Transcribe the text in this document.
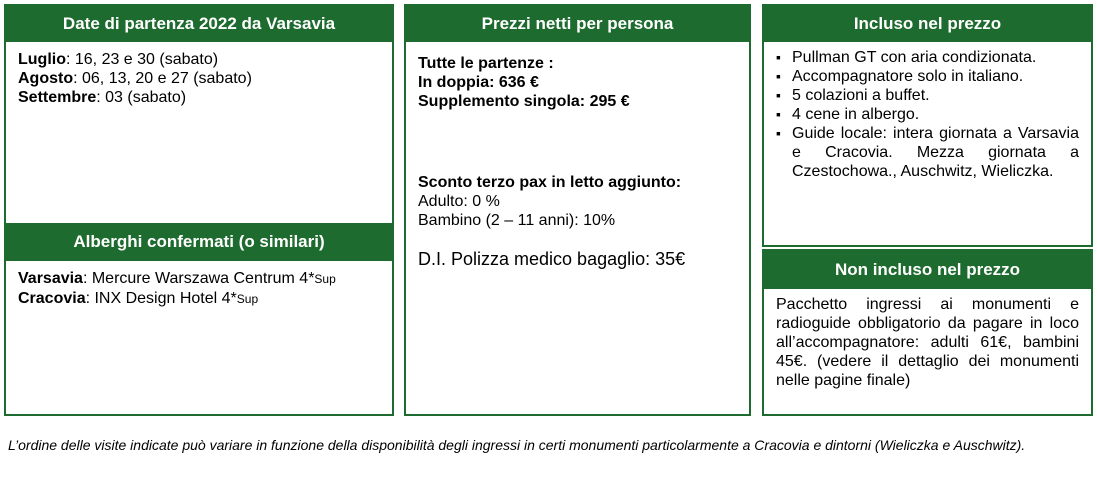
Date di partenza 2022 da Varsavia
Luglio: 16, 23 e 30 (sabato)
Agosto: 06, 13, 20 e 27 (sabato)
Settembre: 03 (sabato)
Alberghi confermati (o similari)
Varsavia: Mercure Warszawa Centrum 4*Sup
Cracovia: INX Design Hotel 4*Sup
Prezzi netti per persona
Tutte le partenze :
In doppia: 636 €
Supplemento singola: 295 €
Sconto terzo pax in letto aggiunto:
Adulto: 0 %
Bambino (2 – 11 anni): 10%
D.I. Polizza medico bagaglio: 35€
Incluso nel prezzo
▪ Pullman GT con aria condizionata.
▪ Accompagnatore solo in italiano.
▪ 5 colazioni a buffet.
▪ 4 cene in albergo.
▪ Guide locale: intera giornata a Varsavia e Cracovia. Mezza giornata a Czestochowa., Auschwitz, Wieliczka.
Non incluso nel prezzo
Pacchetto ingressi ai monumenti e radioguide obbligatorio da pagare in loco all’accompagnatore: adulti 61€, bambini 45€. (vedere il dettaglio dei monumenti nelle pagine finale)
L’ordine delle visite indicate può variare in funzione della disponibilità degli ingressi in certi monumenti particolarmente a Cracovia e dintorni (Wieliczka e Auschwitz).
